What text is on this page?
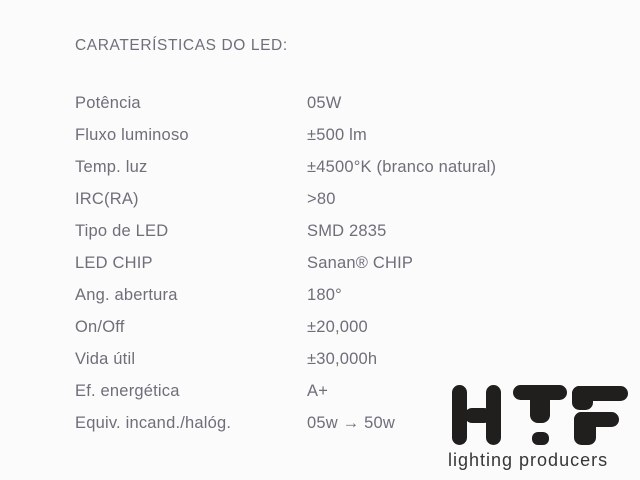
CARATERÍSTICAS DO LED:
Potência	05W
Fluxo luminoso	±500 lm
Temp. luz	±4500°K (branco natural)
IRC(RA)	>80
Tipo de LED	SMD 2835
LED CHIP	Sanan® CHIP
Ang. abertura	180°
On/Off	±20,000
Vida útil	±30,000h
Ef. energética	A+
Equiv. incand./halóg.	05w → 50w
lighting producers
